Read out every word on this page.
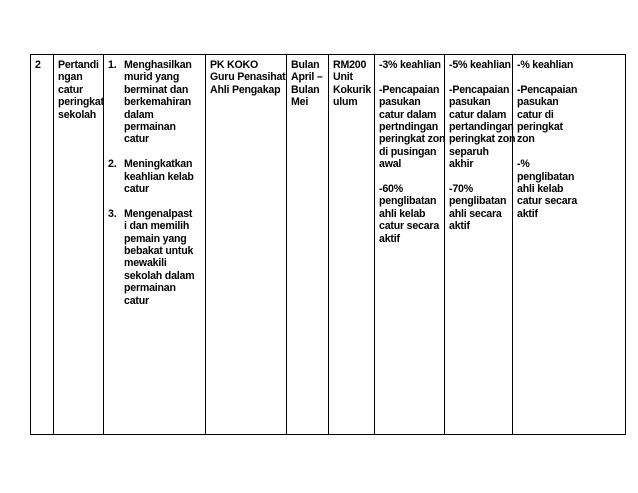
2	Pertandi
ngan
catur
peringkat
sekolah

1. Menghasilkan
murid yang
berminat dan
berkemahiran
dalam
permainan
catur
2. Meningkatkan
keahlian kelab
catur
3. Mengenalpast
i dan memilih
pemain yang
bebakat untuk
mewakili
sekolah dalam
permainan
catur

PK KOKO
Guru Penasihat
Ahli Pengakap

Bulan
April –
Bulan
Mei

RM200
Unit
Kokurik
ulum

-3% keahlian
-Pencapaian
pasukan
catur dalam
pertndingan
peringkat zon
di pusingan
awal
-60%
penglibatan
ahli kelab
catur secara
aktif

-5% keahlian
-Pencapaian
pasukan
catur dalam
pertandingan
peringkat zon
separuh
akhir
-70%
penglibatan
ahli secara
aktif

-% keahlian
-Pencapaian
pasukan
catur di
peringkat
zon
-%
penglibatan
ahli kelab
catur secara
aktif
